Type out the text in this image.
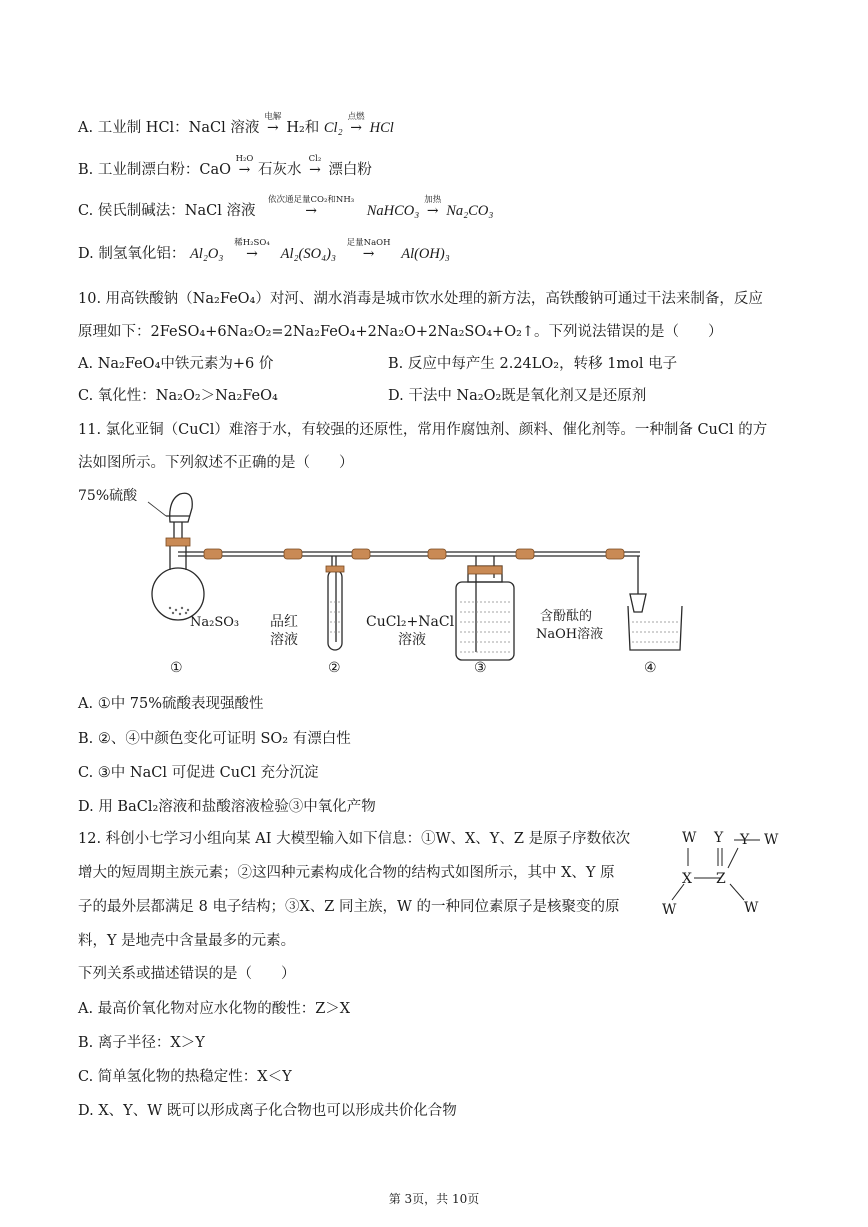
A. 工业制 HCl：NaCl 溶液
电解
→ H₂和 Cl₂
点燃
→ HCl
B. 工业制漂白粉：CaO
H₂O
→ 石灰水
Cl₂
→ 漂白粉
C. 侯氏制碱法：NaCl 溶液
依次通足量CO₂和NH₃
→	NaHCO₃
加热
→ Na₂CO₃
D. 制氢氧化铝： Al₂O₃
稀H₂SO₄
→ Al₂(SO₄)₃
足量NaOH
→ Al(OH)₃
10. 用高铁酸钠（Na₂FeO₄）对河、湖水消毒是城市饮水处理的新方法，高铁酸钠可通过干法来制备，反应
原理如下：2FeSO₄+6Na₂O₂=2Na₂FeO₄+2Na₂O+2Na₂SO₄+O₂↑。下列说法错误的是（　　）
A. Na₂FeO₄中铁元素为+6 价	B. 反应中每产生 2.24LO₂，转移 1mol 电子
C. 氧化性：Na₂O₂＞Na₂FeO₄	D. 干法中 Na₂O₂既是氧化剂又是还原剂
11. 氯化亚铜（CuCl）难溶于水，有较强的还原性，常用作腐蚀剂、颜料、催化剂等。一种制备 CuCl 的方
法如图所示。下列叙述不正确的是（　　）
75%硫酸
Na₂SO₃ 品红
溶液
CuCl₂+NaCl
溶液
含酚酞的
NaOH溶液
①	②	③	④
A. ①中 75%硫酸表现强酸性
B. ②、④中颜色变化可证明 SO₂ 有漂白性
C. ③中 NaCl 可促进 CuCl 充分沉淀
D. 用 BaCl₂溶液和盐酸溶液检验③中氧化产物
12. 科创小七学习小组向某 AI 大模型输入如下信息：①W、X、Y、Z 是原子序数依次
增大的短周期主族元素；②这四种元素构成化合物的结构式如图所示，其中 X、Y 原
子的最外层都满足 8 电子结构；③X、Z 同主族，W 的一种同位素原子是核聚变的原
料，Y 是地壳中含量最多的元素。
下列关系或描述错误的是（　　）
W Y Y W
X Z
W	W
A. 最高价氧化物对应水化物的酸性：Z＞X
B. 离子半径：X＞Y
C. 简单氢化物的热稳定性：X＜Y
D. X、Y、W 既可以形成离子化合物也可以形成共价化合物
第 3页，共 10页
